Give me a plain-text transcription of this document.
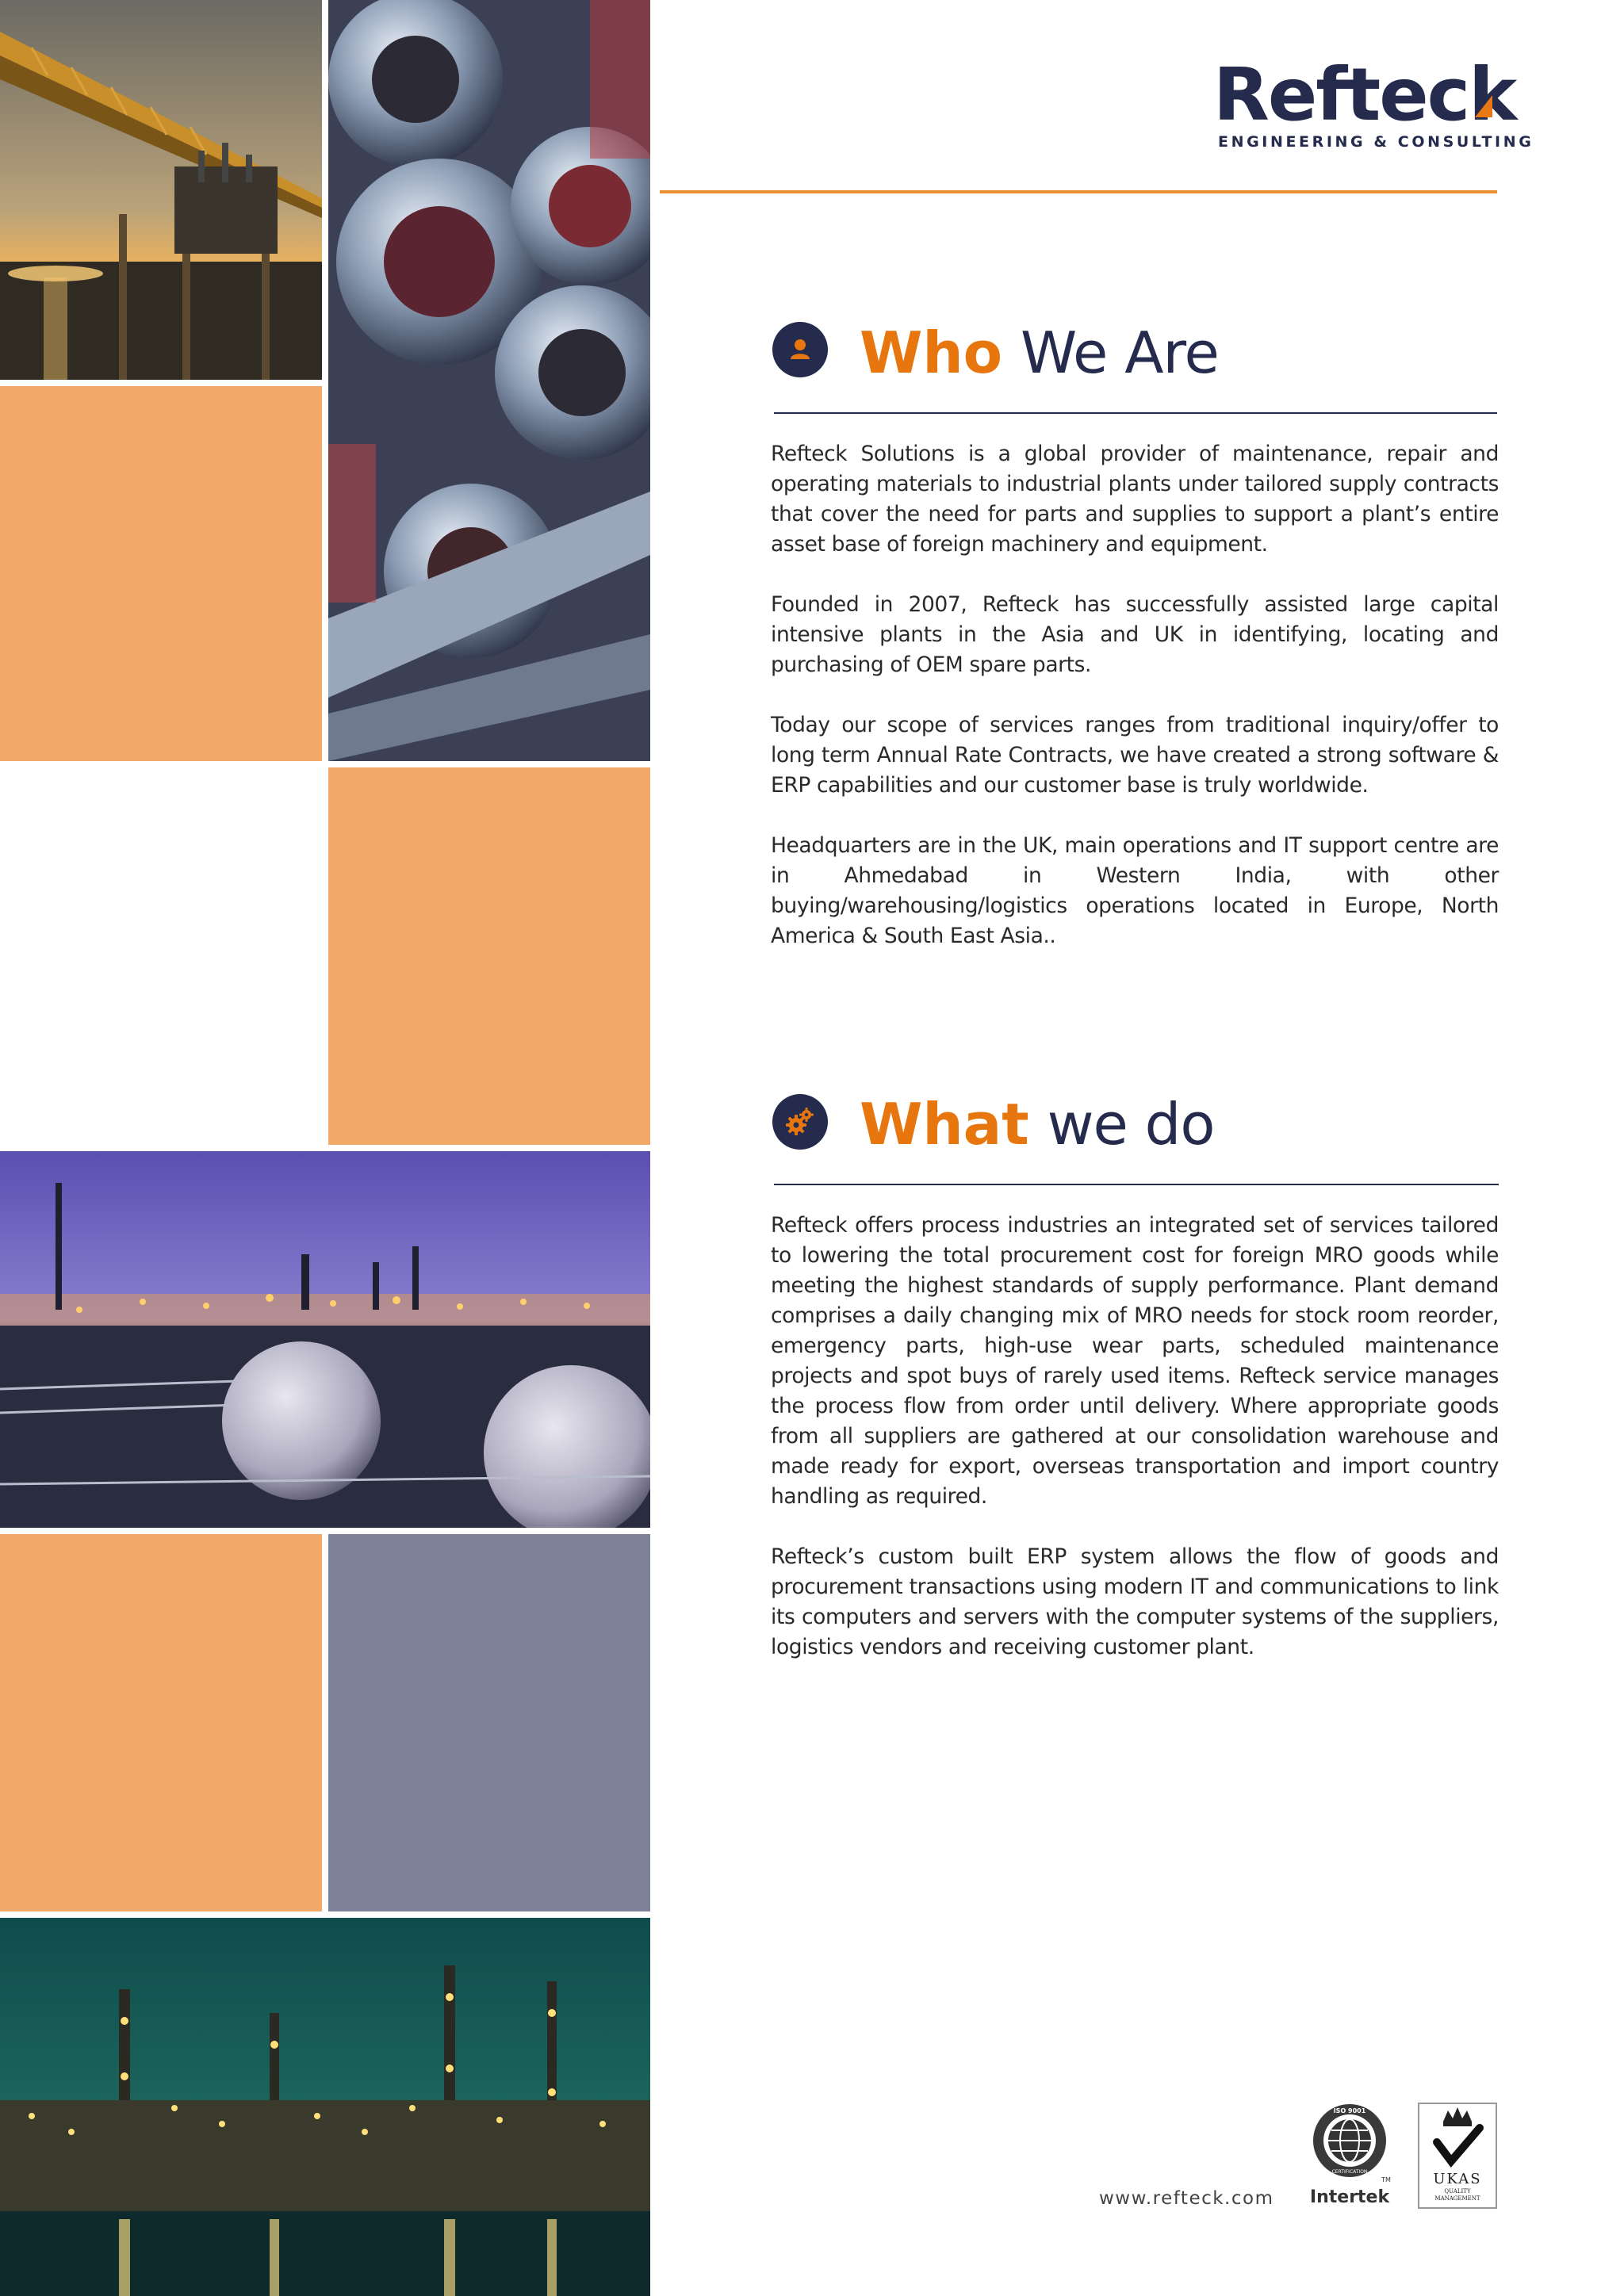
Refteck
ENGINEERING & CONSULTING
Who We Are

Refteck Solutions is a global provider of maintenance, repair and operating materials to industrial plants under tailored supply contracts that cover the need for parts and supplies to support a plant’s entire asset base of foreign machinery and equipment.

Founded in 2007, Refteck has successfully assisted large capital intensive plants in the Asia and UK in identifying, locating and purchasing of OEM spare parts.

Today our scope of services ranges from traditional inquiry/offer to long term Annual Rate Contracts, we have created a strong software & ERP capabilities and our customer base is truly worldwide.

Headquarters are in the UK, main operations and IT support centre are in Ahmedabad in Western India, with other buying/warehousing/logistics operations located in Europe, North America & South East Asia..

What we do

Refteck offers process industries an integrated set of services tailored to lowering the total procurement cost for foreign MRO goods while meeting the highest standards of supply performance. Plant demand comprises a daily changing mix of MRO needs for stock room reorder, emergency parts, high-use wear parts, scheduled maintenance projects and spot buys of rarely used items. Refteck service manages the process flow from order until delivery. Where appropriate goods from all suppliers are gathered at our consolidation warehouse and made ready for export, overseas transportation and import country handling as required.

Refteck’s custom built ERP system allows the flow of goods and procurement transactions using modern IT and communications to link its computers and servers with the computer systems of the suppliers, logistics vendors and receiving customer plant.

www.refteck.com
ISO 9001
CERTIFICATION
TM
Intertek
UKAS
QUALITY
MANAGEMENT
